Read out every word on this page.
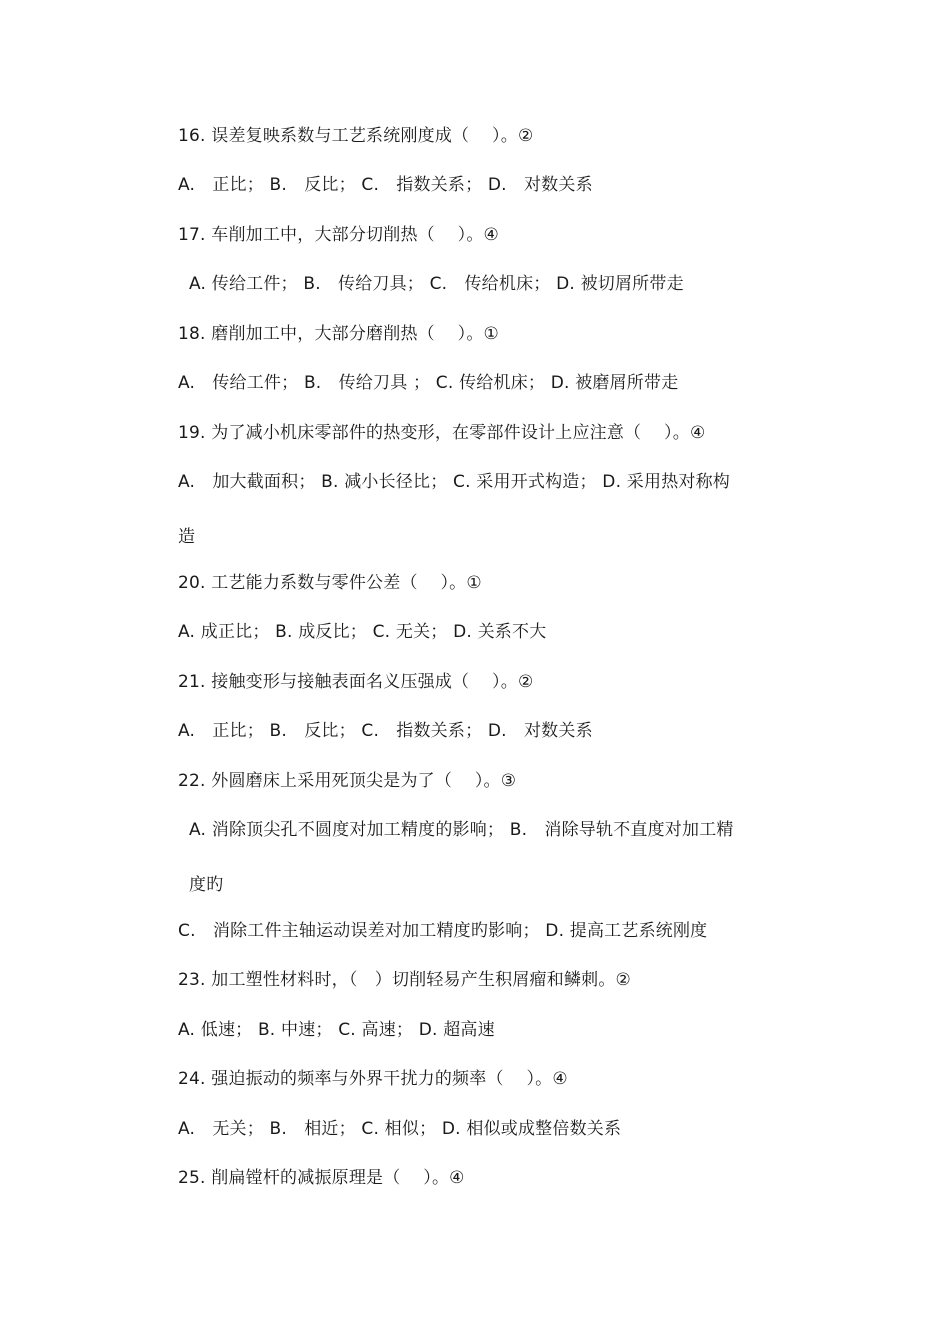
16. 误差复映系数与工艺系统刚度成（　 ）。②
A.　正比； B.　反比； C.　指数关系； D.　对数关系
17. 车削加工中，大部分切削热（　 ）。④
A. 传给工件； B.　传给刀具； C.　传给机床； D. 被切屑所带走
18. 磨削加工中，大部分磨削热（　 ）。①
A.　传给工件； B.　传给刀具 ； C. 传给机床； D. 被磨屑所带走
19. 为了减小机床零部件的热变形，在零部件设计上应注意（　 ）。④
A.　加大截面积； B. 减小长径比； C. 采用开式构造； D. 采用热对称构
造
20. 工艺能力系数与零件公差（　 ）。①
A. 成正比； B. 成反比； C. 无关； D. 关系不大
21. 接触变形与接触表面名义压强成（　 ）。②
A.　正比； B.　反比； C.　指数关系； D.　对数关系
22. 外圆磨床上采用死顶尖是为了（　 ）。③
A. 消除顶尖孔不圆度对加工精度的影响； B.　消除导轨不直度对加工精
度旳
C.　消除工件主轴运动误差对加工精度旳影响； D. 提高工艺系统刚度
23. 加工塑性材料时，（　）切削轻易产生积屑瘤和鳞刺。②
A. 低速； B. 中速； C. 高速； D. 超高速
24. 强迫振动的频率与外界干扰力的频率（　 ）。④
A.　无关； B.　相近； C. 相似； D. 相似或成整倍数关系
25. 削扁镗杆的减振原理是（　 ）。④
